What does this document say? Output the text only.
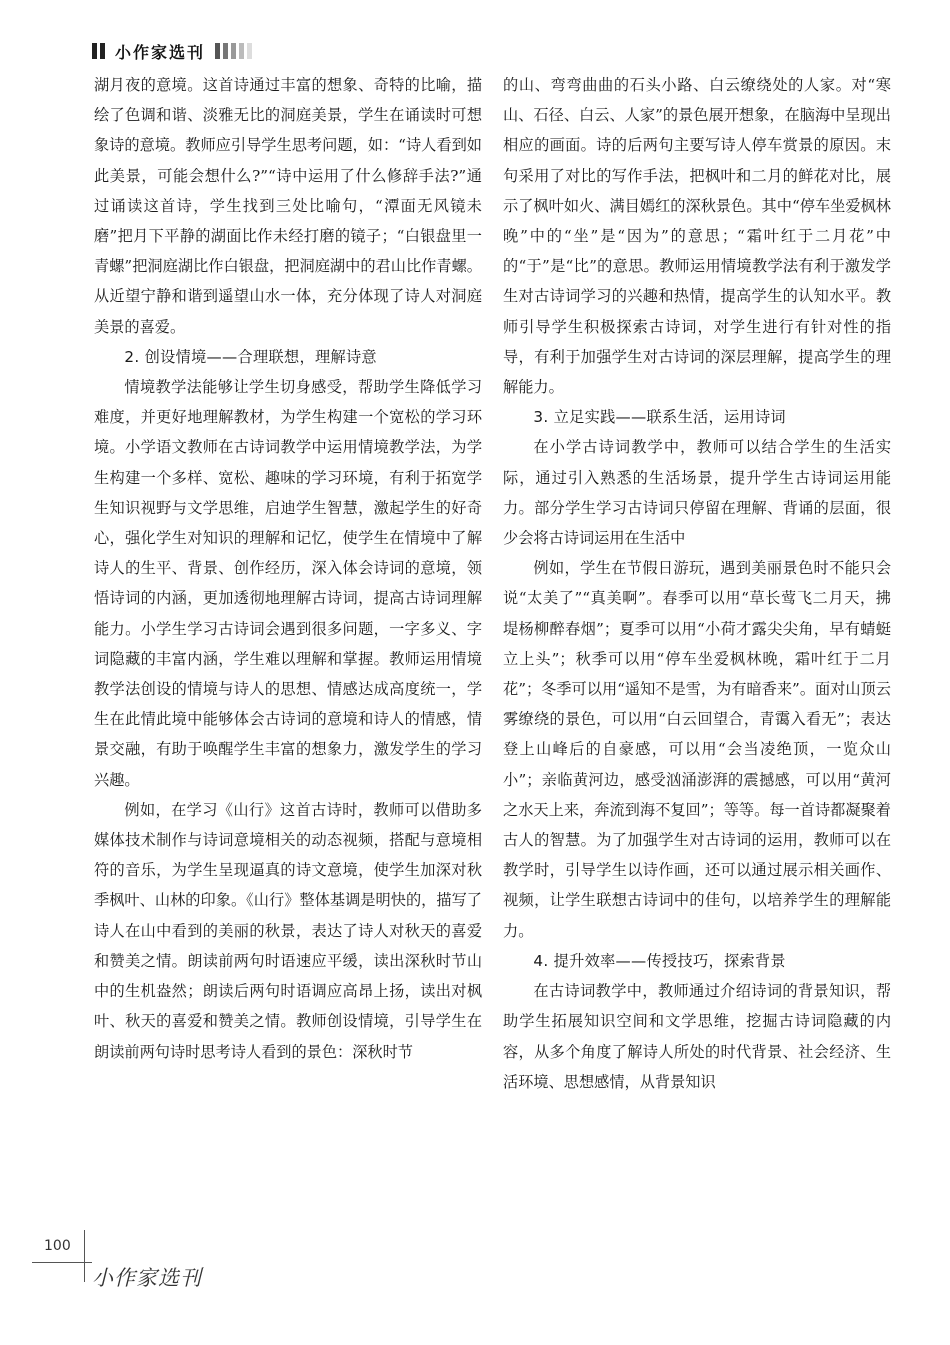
小作家选刊

湖月夜的意境。这首诗通过丰富的想象、奇特的比喻，描绘了色调和谐、淡雅无比的洞庭美景，学生在诵读时可想象诗的意境。教师应引导学生思考问题，如：“诗人看到如此美景，可能会想什么?”“诗中运用了什么修辞手法?”通过诵读这首诗，学生找到三处比喻句，“潭面无风镜未磨”把月下平静的湖面比作未经打磨的镜子；“白银盘里一青螺”把洞庭湖比作白银盘，把洞庭湖中的君山比作青螺。从近望宁静和谐到遥望山水一体，充分体现了诗人对洞庭美景的喜爱。

2. 创设情境——合理联想，理解诗意

情境教学法能够让学生切身感受，帮助学生降低学习难度，并更好地理解教材，为学生构建一个宽松的学习环境。小学语文教师在古诗词教学中运用情境教学法，为学生构建一个多样、宽松、趣味的学习环境，有利于拓宽学生知识视野与文学思维，启迪学生智慧，激起学生的好奇心，强化学生对知识的理解和记忆，使学生在情境中了解诗人的生平、背景、创作经历，深入体会诗词的意境，领悟诗词的内涵，更加透彻地理解古诗词，提高古诗词理解能力。小学生学习古诗词会遇到很多问题，一字多义、字词隐藏的丰富内涵，学生难以理解和掌握。教师运用情境教学法创设的情境与诗人的思想、情感达成高度统一，学生在此情此境中能够体会古诗词的意境和诗人的情感，情景交融，有助于唤醒学生丰富的想象力，激发学生的学习兴趣。

例如，在学习《山行》这首古诗时，教师可以借助多媒体技术制作与诗词意境相关的动态视频，搭配与意境相符的音乐，为学生呈现逼真的诗文意境，使学生加深对秋季枫叶、山林的印象。《山行》整体基调是明快的，描写了诗人在山中看到的美丽的秋景，表达了诗人对秋天的喜爱和赞美之情。朗读前两句时语速应平缓，读出深秋时节山中的生机盎然；朗读后两句时语调应高昂上扬，读出对枫叶、秋天的喜爱和赞美之情。教师创设情境，引导学生在朗读前两句诗时思考诗人看到的景色：深秋时节

的山、弯弯曲曲的石头小路、白云缭绕处的人家。对“寒山、石径、白云、人家”的景色展开想象，在脑海中呈现出相应的画面。诗的后两句主要写诗人停车赏景的原因。末句采用了对比的写作手法，把枫叶和二月的鲜花对比，展示了枫叶如火、满目嫣红的深秋景色。其中“停车坐爱枫林晚”中的“坐”是“因为”的意思；“霜叶红于二月花”中的“于”是“比”的意思。教师运用情境教学法有利于激发学生对古诗词学习的兴趣和热情，提高学生的认知水平。教师引导学生积极探索古诗词，对学生进行有针对性的指导，有利于加强学生对古诗词的深层理解，提高学生的理解能力。

3. 立足实践——联系生活，运用诗词

在小学古诗词教学中，教师可以结合学生的生活实际，通过引入熟悉的生活场景，提升学生古诗词运用能力。部分学生学习古诗词只停留在理解、背诵的层面，很少会将古诗词运用在生活中

例如，学生在节假日游玩，遇到美丽景色时不能只会说“太美了”“真美啊”。春季可以用“草长莺飞二月天，拂堤杨柳醉春烟”；夏季可以用“小荷才露尖尖角，早有蜻蜓立上头”；秋季可以用“停车坐爱枫林晚，霜叶红于二月花”；冬季可以用“遥知不是雪，为有暗香来”。面对山顶云雾缭绕的景色，可以用“白云回望合，青霭入看无”；表达登上山峰后的自豪感，可以用“会当凌绝顶，一览众山小”；亲临黄河边，感受汹涌澎湃的震撼感，可以用“黄河之水天上来，奔流到海不复回”；等等。每一首诗都凝聚着古人的智慧。为了加强学生对古诗词的运用，教师可以在教学时，引导学生以诗作画，还可以通过展示相关画作、视频，让学生联想古诗词中的佳句，以培养学生的理解能力。

4. 提升效率——传授技巧，探索背景

在古诗词教学中，教师通过介绍诗词的背景知识，帮助学生拓展知识空间和文学思维，挖掘古诗词隐藏的内容，从多个角度了解诗人所处的时代背景、社会经济、生活环境、思想感情，从背景知识

100
小作家选刊
